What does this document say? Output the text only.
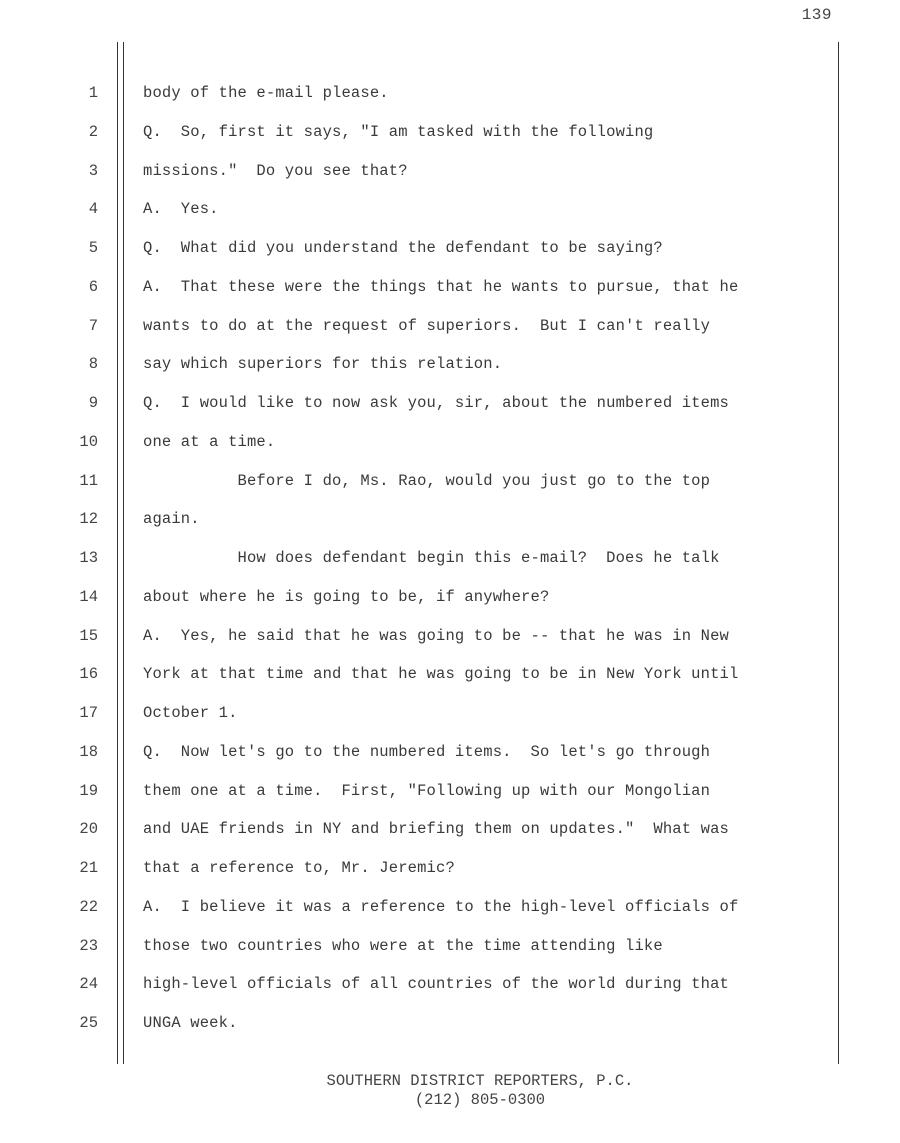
139
1	body of the e-mail please.
2	Q.  So, first it says, "I am tasked with the following
3	missions."  Do you see that?
4	A.  Yes.
5	Q.  What did you understand the defendant to be saying?
6	A.  That these were the things that he wants to pursue, that he
7	wants to do at the request of superiors.  But I can't really
8	say which superiors for this relation.
9	Q.  I would like to now ask you, sir, about the numbered items
10	one at a time.
11	Before I do, Ms. Rao, would you just go to the top
12	again.
13	How does defendant begin this e-mail?  Does he talk
14	about where he is going to be, if anywhere?
15	A.  Yes, he said that he was going to be -- that he was in New
16	York at that time and that he was going to be in New York until
17	October 1.
18	Q.  Now let's go to the numbered items.  So let's go through
19	them one at a time.  First, "Following up with our Mongolian
20	and UAE friends in NY and briefing them on updates."  What was
21	that a reference to, Mr. Jeremic?
22	A.  I believe it was a reference to the high-level officials of
23	those two countries who were at the time attending like
24	high-level officials of all countries of the world during that
25	UNGA week.
SOUTHERN DISTRICT REPORTERS, P.C.
(212) 805-0300
